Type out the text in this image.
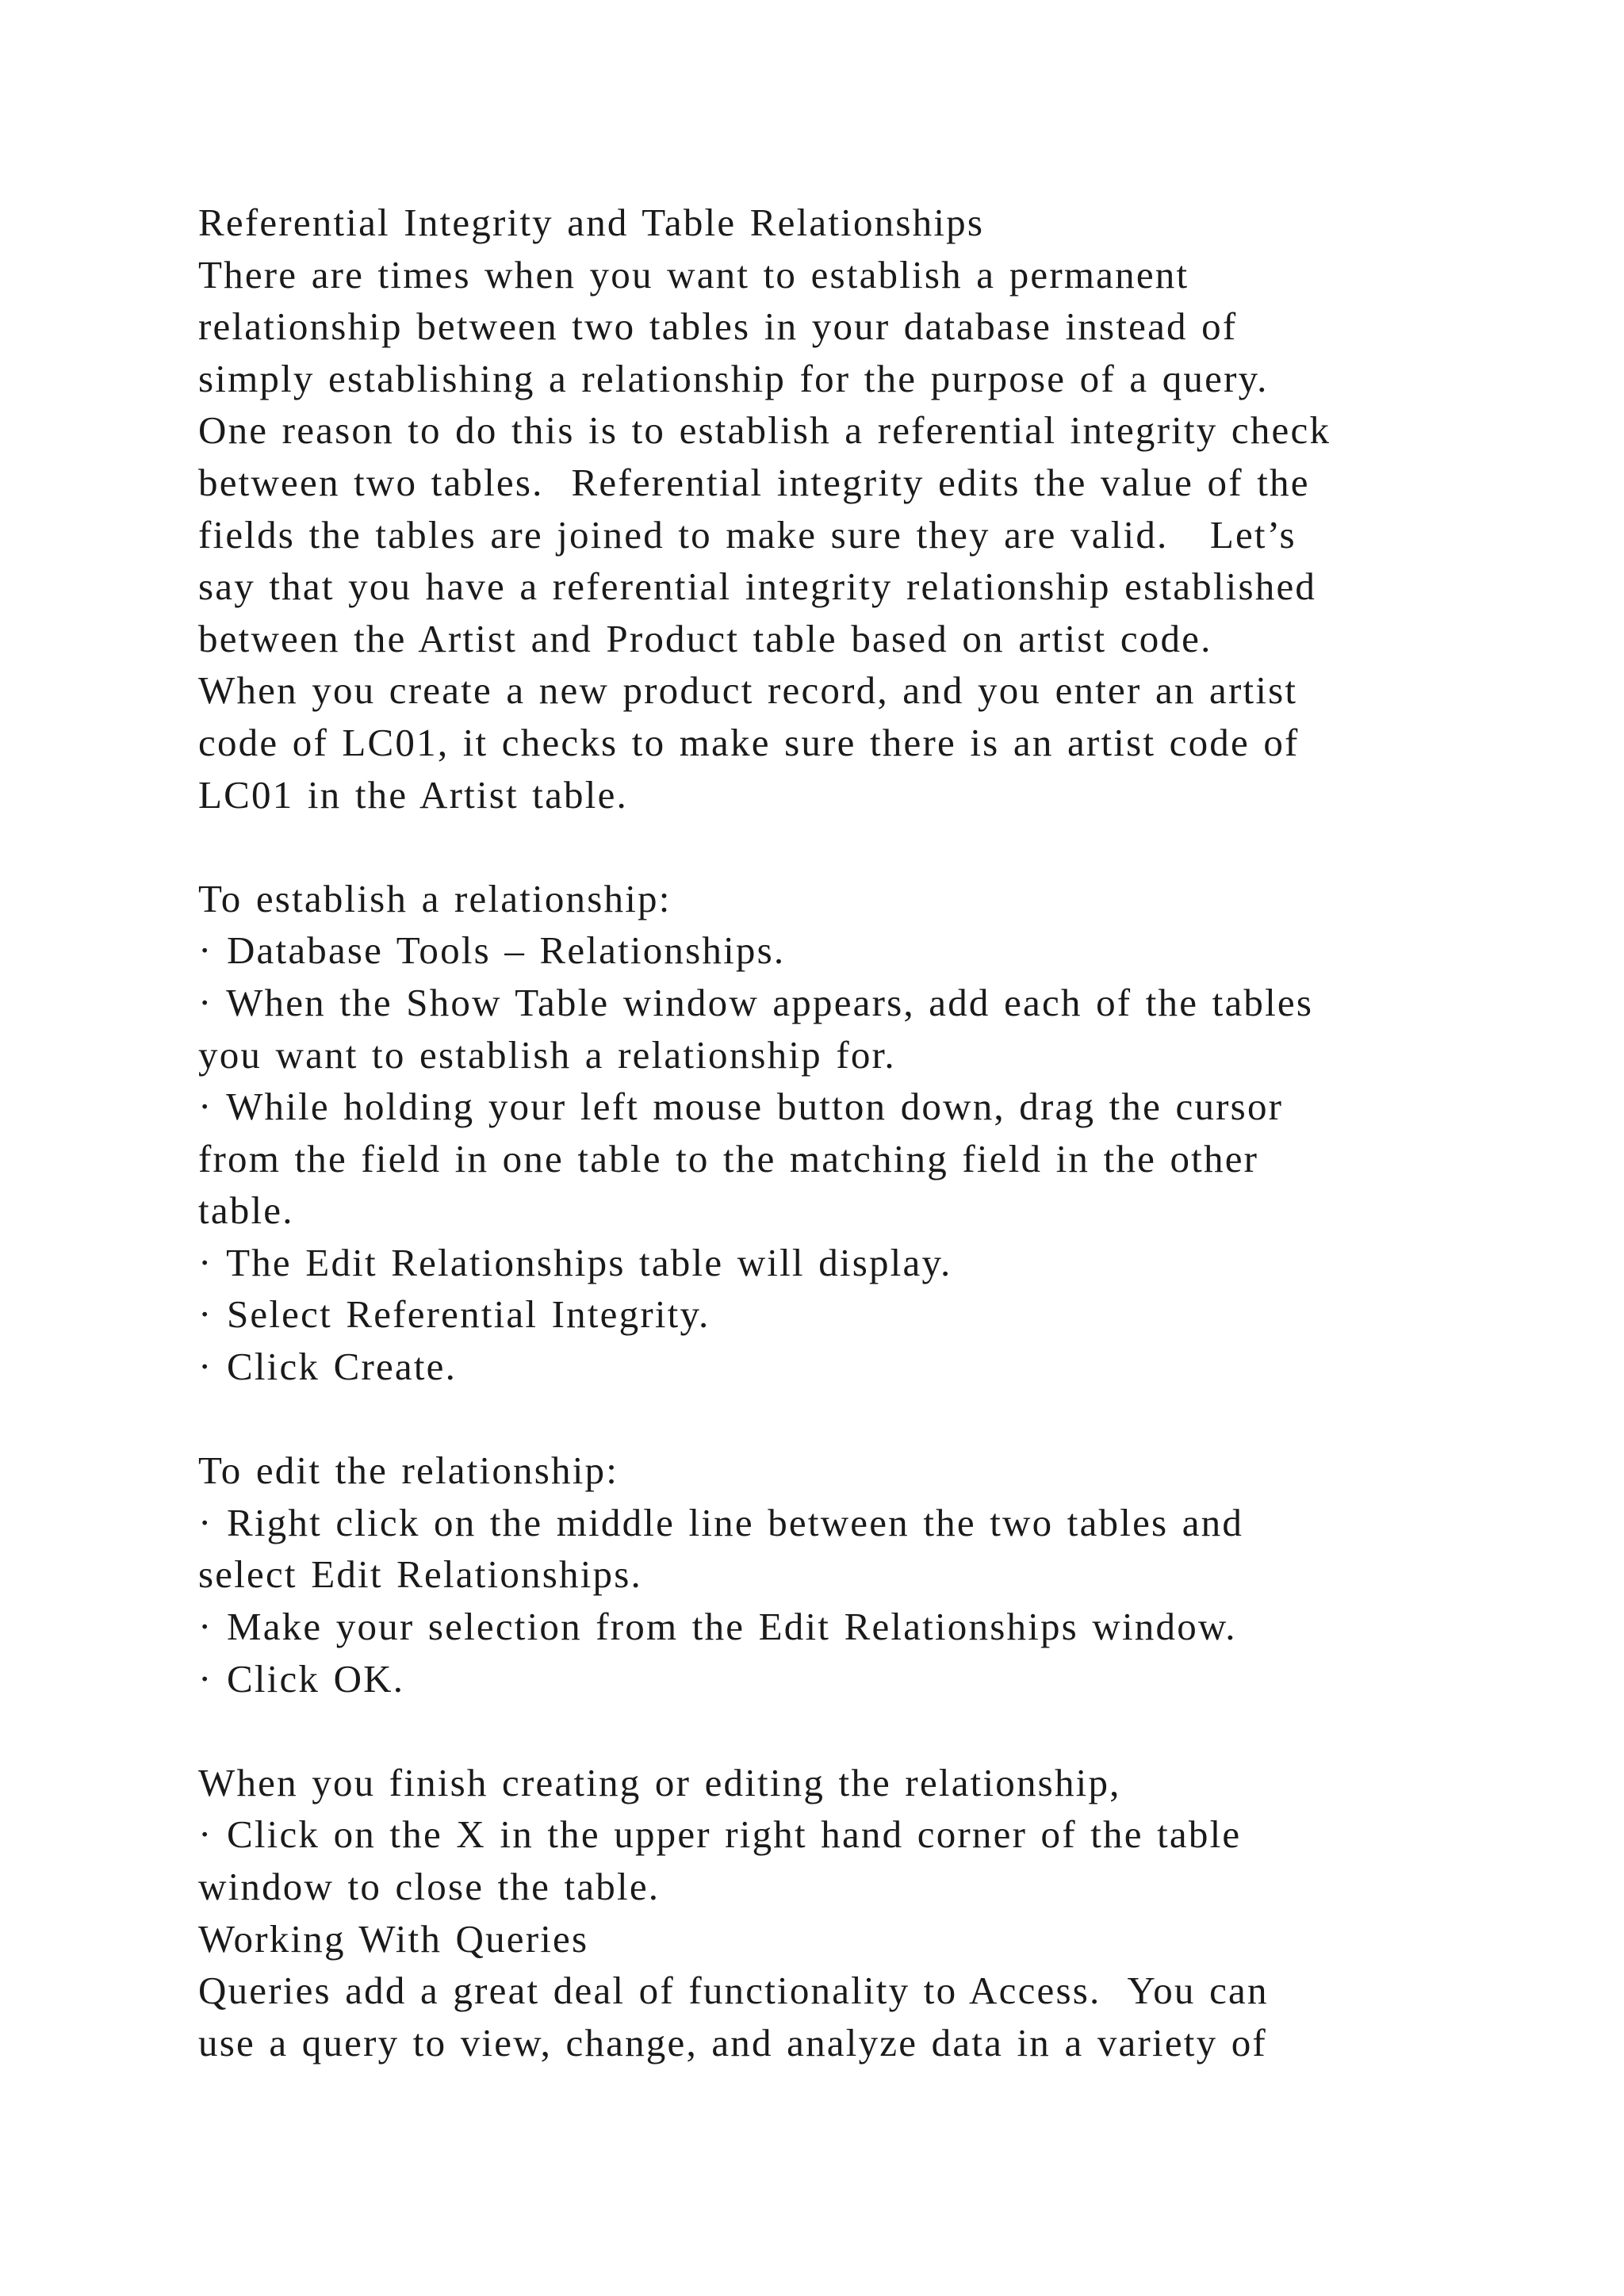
Referential Integrity and Table Relationships
There are times when you want to establish a permanent
relationship between two tables in your database instead of
simply establishing a relationship for the purpose of a query.
One reason to do this is to establish a referential integrity check
between two tables.  Referential integrity edits the value of the
fields the tables are joined to make sure they are valid.   Let’s
say that you have a referential integrity relationship established
between the Artist and Product table based on artist code.
When you create a new product record, and you enter an artist
code of LC01, it checks to make sure there is an artist code of
LC01 in the Artist table.
To establish a relationship:
· Database Tools – Relationships.
· When the Show Table window appears, add each of the tables
you want to establish a relationship for.
· While holding your left mouse button down, drag the cursor
from the field in one table to the matching field in the other
table.
· The Edit Relationships table will display.
· Select Referential Integrity.
· Click Create.
To edit the relationship:
· Right click on the middle line between the two tables and
select Edit Relationships.
· Make your selection from the Edit Relationships window.
· Click OK.
When you finish creating or editing the relationship,
· Click on the X in the upper right hand corner of the table
window to close the table.
Working With Queries
Queries add a great deal of functionality to Access.  You can
use a query to view, change, and analyze data in a variety of
